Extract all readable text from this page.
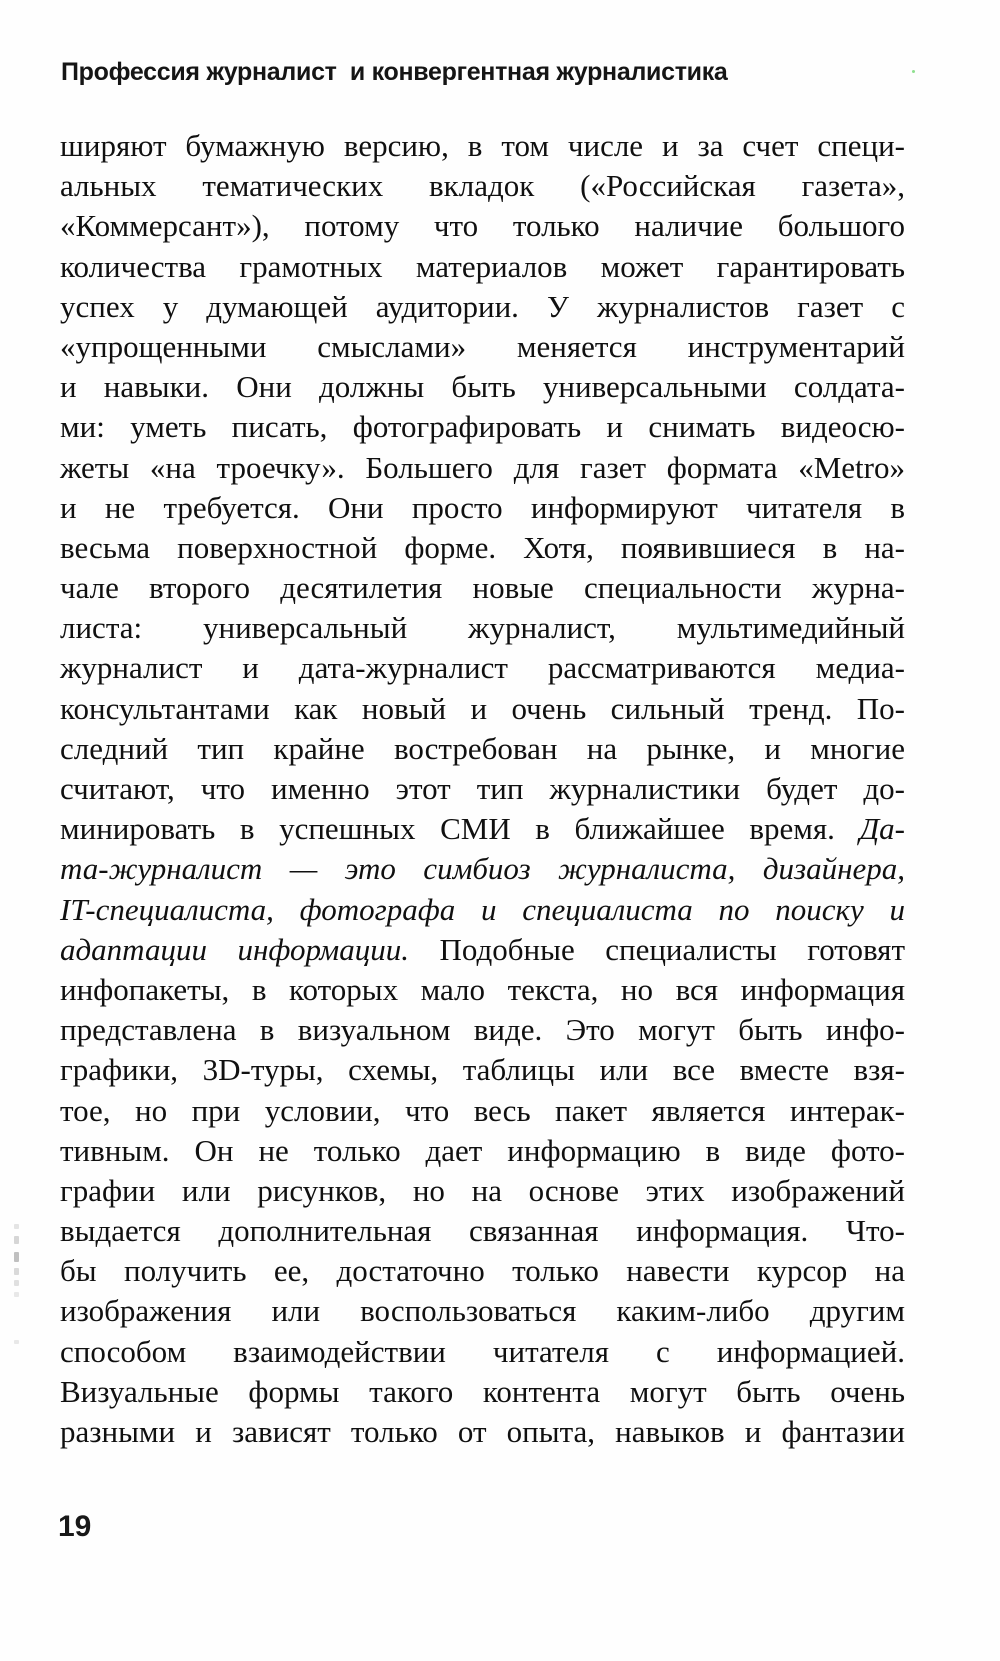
Профессия журналист  и конвергентная журналистика
ширяют бумажную версию, в том числе и за счет специ-
альных тематических вкладок («Российская газета»,
«Коммерсант»), потому что только наличие большого
количества грамотных материалов может гарантировать
успех у думающей аудитории. У журналистов газет с
«упрощенными смыслами» меняется инструментарий
и навыки. Они должны быть универсальными солдата-
ми: уметь писать, фотографировать и снимать видеосю-
жеты «на троечку». Большего для газет формата «Metro»
и не требуется. Они просто информируют читателя в
весьма поверхностной форме. Хотя, появившиеся в на-
чале второго десятилетия новые специальности журна-
листа: универсальный журналист, мультимедийный
журналист и дата-журналист рассматриваются медиа-
консультантами как новый и очень сильный тренд. По-
следний тип крайне востребован на рынке, и многие
считают, что именно этот тип журналистики будет до-
минировать в успешных СМИ в ближайшее время. Да-
та-журналист — это симбиоз журналиста, дизайнера,
IT-специалиста, фотографа и специалиста по поиску и
адаптации информации. Подобные специалисты готовят
инфопакеты, в которых мало текста, но вся информация
представлена в визуальном виде. Это могут быть инфо-
графики, 3D-туры, схемы, таблицы или все вместе взя-
тое, но при условии, что весь пакет является интерак-
тивным. Он не только дает информацию в виде фото-
графии или рисунков, но на основе этих изображений
выдается дополнительная связанная информация. Что-
бы получить ее, достаточно только навести курсор на
изображения или воспользоваться каким-либо другим
способом взаимодействии читателя с информацией.
Визуальные формы такого контента могут быть очень
разными и зависят только от опыта, навыков и фантазии
19
